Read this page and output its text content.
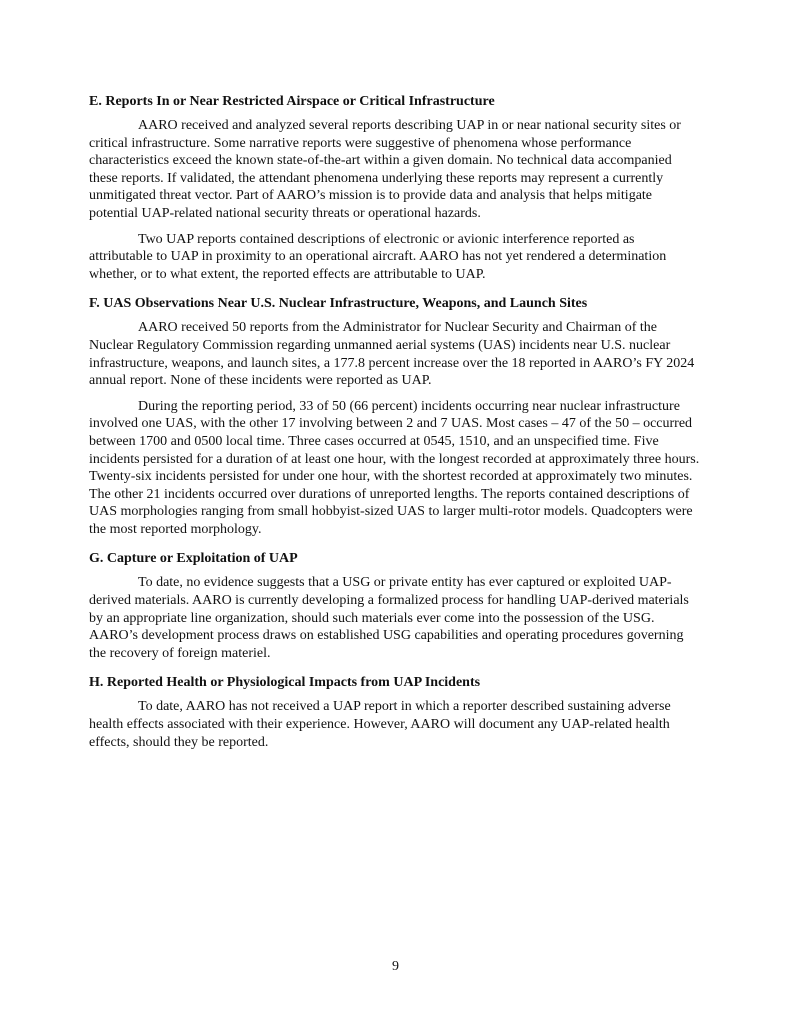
E. Reports In or Near Restricted Airspace or Critical Infrastructure

AARO received and analyzed several reports describing UAP in or near national security sites or critical infrastructure. Some narrative reports were suggestive of phenomena whose performance characteristics exceed the known state-of-the-art within a given domain. No technical data accompanied these reports. If validated, the attendant phenomena underlying these reports may represent a currently unmitigated threat vector. Part of AARO’s mission is to provide data and analysis that helps mitigate potential UAP-related national security threats or operational hazards.

Two UAP reports contained descriptions of electronic or avionic interference reported as attributable to UAP in proximity to an operational aircraft. AARO has not yet rendered a determination whether, or to what extent, the reported effects are attributable to UAP.

F. UAS Observations Near U.S. Nuclear Infrastructure, Weapons, and Launch Sites

AARO received 50 reports from the Administrator for Nuclear Security and Chairman of the Nuclear Regulatory Commission regarding unmanned aerial systems (UAS) incidents near U.S. nuclear infrastructure, weapons, and launch sites, a 177.8 percent increase over the 18 reported in AARO’s FY 2024 annual report. None of these incidents were reported as UAP.

During the reporting period, 33 of 50 (66 percent) incidents occurring near nuclear infrastructure involved one UAS, with the other 17 involving between 2 and 7 UAS. Most cases – 47 of the 50 – occurred between 1700 and 0500 local time. Three cases occurred at 0545, 1510, and an unspecified time. Five incidents persisted for a duration of at least one hour, with the longest recorded at approximately three hours. Twenty-six incidents persisted for under one hour, with the shortest recorded at approximately two minutes. The other 21 incidents occurred over durations of unreported lengths. The reports contained descriptions of UAS morphologies ranging from small hobbyist-sized UAS to larger multi-rotor models. Quadcopters were the most reported morphology.

G. Capture or Exploitation of UAP

To date, no evidence suggests that a USG or private entity has ever captured or exploited UAP-derived materials. AARO is currently developing a formalized process for handling UAP-derived materials by an appropriate line organization, should such materials ever come into the possession of the USG. AARO’s development process draws on established USG capabilities and operating procedures governing the recovery of foreign materiel.

H. Reported Health or Physiological Impacts from UAP Incidents

To date, AARO has not received a UAP report in which a reporter described sustaining adverse health effects associated with their experience. However, AARO will document any UAP-related health effects, should they be reported.

9
